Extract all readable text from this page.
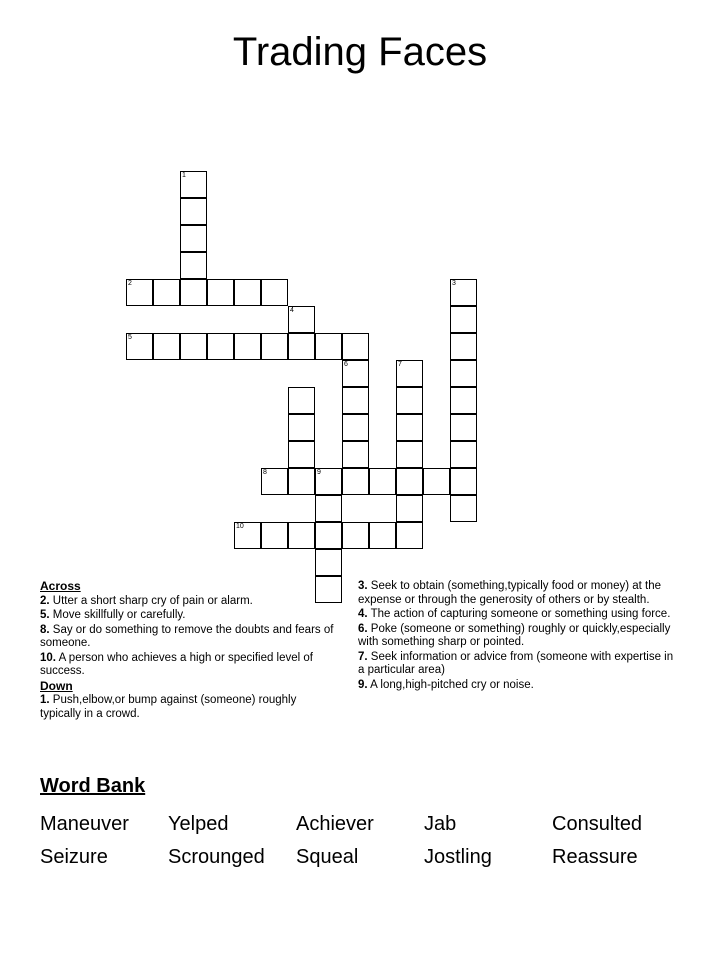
Trading Faces
1
2
4
3
5
6	7
8	9
10
Across
2. Utter a short sharp cry of pain or alarm.
5. Move skillfully or carefully.
8. Say or do something to remove the doubts and fears of someone.
10. A person who achieves a high or specified level of success.
Down
1. Push,elbow,or bump against (someone) roughly typically in a crowd.
3. Seek to obtain (something,typically food or money) at the expense or through the generosity of others or by stealth.
4. The action of capturing someone or something using force.
6. Poke (someone or something) roughly or quickly,especially with something sharp or pointed.
7. Seek information or advice from (someone with expertise in a particular area)
9. A long,high-pitched cry or noise.
Word Bank
Maneuver	Yelped	Achiever	Jab	Consulted
Seizure	Scrounged	Squeal	Jostling	Reassure
